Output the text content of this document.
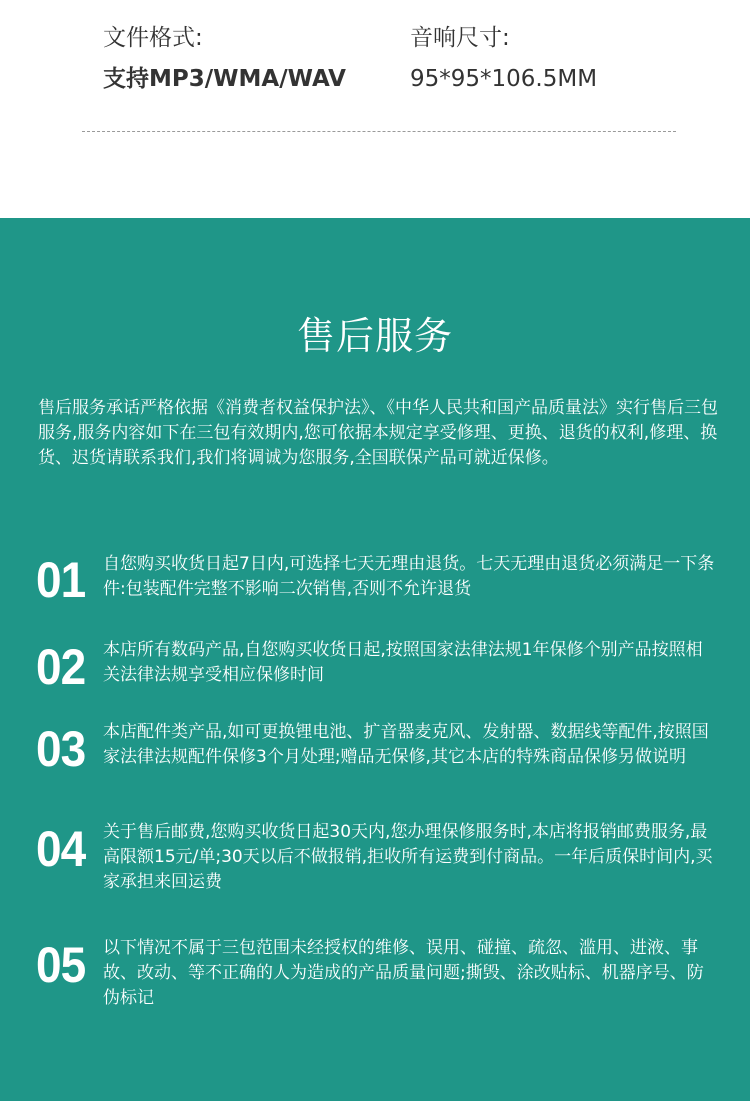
文件格式:
支持MP3/WMA/WAV
音响尺寸:
95*95*106.5MM
售后服务

售后服务承话严格依据《消费者权益保护法》、《中华人民共和国产品质量法》实行售后三包服务,服务内容如下在三包有效期内,您可依据本规定享受修理、更换、退货的权利,修理、换货、迟货请联系我们,我们将调诚为您服务,全国联保产品可就近保修。

01	自您购买收货日起7日内,可选择七天无理由退货。七天无理由退货必须满足一下条件:包装配件完整不影响二次销售,否则不允许退货

02	本店所有数码产品,自您购买收货日起,按照国家法律法规1年保修个别产品按照相关法律法规享受相应保修时间

03	本店配件类产品,如可更换锂电池、扩音器麦克风、发射器、数据线等配件,按照国家法律法规配件保修3个月处理;赠品无保修,其它本店的特殊商品保修另做说明

04	关于售后邮费,您购买收货日起30天内,您办理保修服务时,本店将报销邮费服务,最高限额15元/单;30天以后不做报销,拒收所有运费到付商品。一年后质保时间内,买家承担来回运费

05	以下情况不属于三包范围未经授权的维修、误用、碰撞、疏忽、滥用、进液、事故、改动、等不正确的人为造成的产品质量问题;撕毁、涂改贴标、机器序号、防伪标记
